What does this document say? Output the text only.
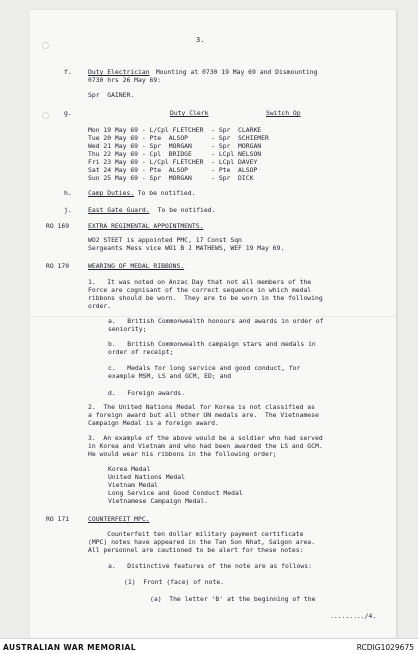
3.
f.	Duty Electrician Mounting at 0730 19 May 69 and Dismounting
0730 hrs 26 May 69:
Spr  GAINER.
g.	Duty Clerk	Switch Op
Mon 19 May 69 - L/Cpl FLETCHER  - Spr  CLARKE
Tue 20 May 69 - Pte  ALSOP      - Spr  SCHIEMER
Wed 21 May 69 - Spr  MORGAN     - Spr  MORGAN
Thu 22 May 69 - Cpl  BRIDGE     - LCpl NELSON
Fri 23 May 69 - L/Cpl FLETCHER  - LCpl DAVEY
Sat 24 May 69 - Pte  ALSOP      - Pte  ALSOP
Sun 25 May 69 - Spr  MORGAN     - Spr  DICK
h.	Camp Duties.
To be notified.
j.	East Gate Guard. To be notified.
RO 169	EXTRA REGIMENTAL APPOINTMENTS.
WO2 STEET is appointed PMC, 17 Const Sqn
Sergeants Mess vice WO1 B J MATHEWS, WEF 19 May 69.
RO 170	WEARING OF MEDAL RIBBONS.
1.   It was noted on Anzac Day that not all members of the
Force are cognisant of the correct sequence in which medal
ribbons should be worn.  They are to be worn in the following
order.
a.   British Commonwealth honours and awards in order of
seniority;
b.   British Commonwealth campaign stars and medals in
order of receipt;
c.   Medals for long service and good conduct, for
example MSM, LS and GCM, ED; and
d.   Foreign awards.
2.  The United Nations Medal for Korea is not classified as
a foreign award but all other UN medals are.  The Vietnamese
Campaign Medal is a foreign award.
3.  An example of the above would be a soldier who had served
in Korea and Vietnam and who had been awarded the LS and GCM.
He would wear his ribbons in the following order;
Korea Medal
United Nations Medal
Vietnam Medal
Long Service and Good Conduct Medal
Vietnamese Campaign Medal.
RO 171	COUNTERFEIT MPC.
Counterfeit ten dollar military payment certificate
(MPC) notes have appeared in the Tan Son Nhat, Saigon area.
All personnel are cautioned to be alert for these notes:
a.   Distinctive features of the note are as follows:
(1)  Front (face) of note.
(a)  The letter 'B' at the beginning of the
........./4.
AUSTRALIAN WAR MEMORIAL	RCDIG1029675
